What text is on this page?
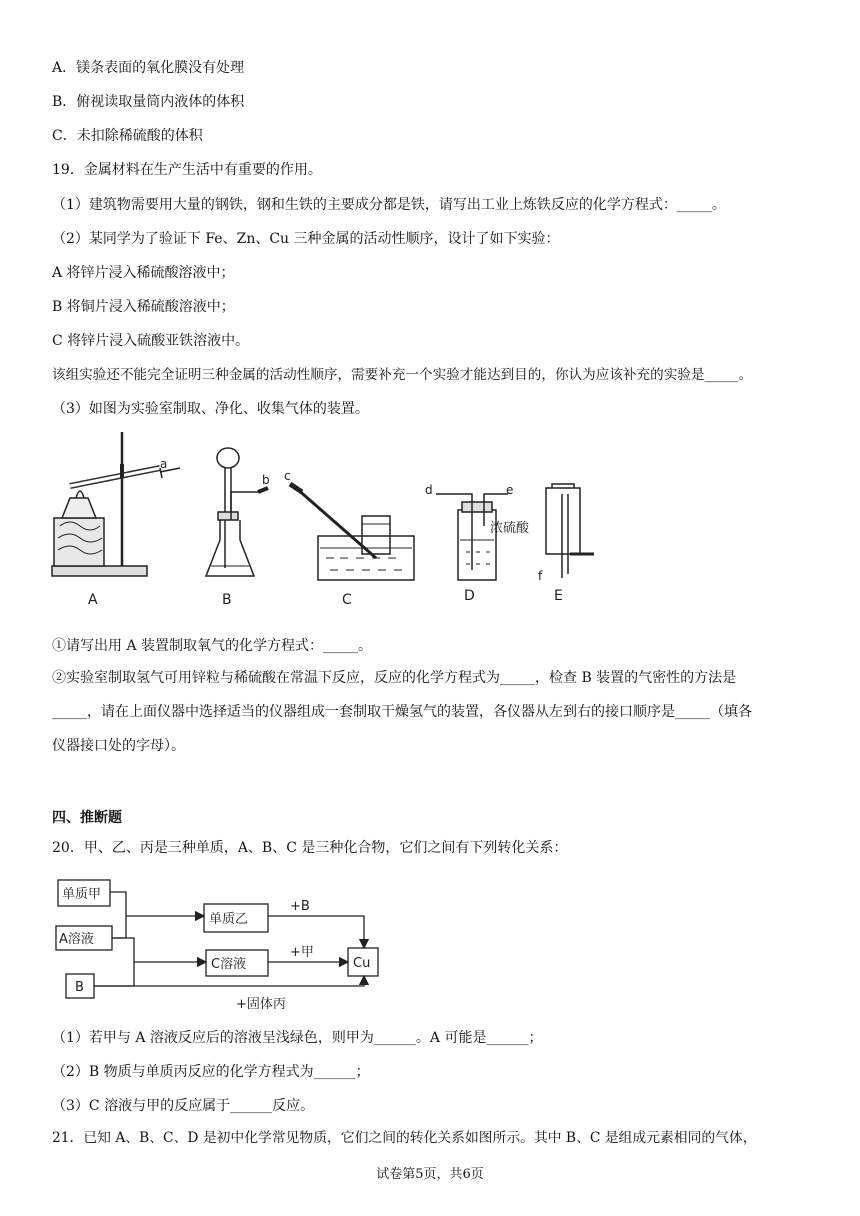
A．镁条表面的氧化膜没有处理
B．俯视读取量筒内液体的体积
C．未扣除稀硫酸的体积
19．金属材料在生产生活中有重要的作用。
（1）建筑物需要用大量的钢铁，钢和生铁的主要成分都是铁，请写出工业上炼铁反应的化学方程式：_____。
（2）某同学为了验证下 Fe、Zn、Cu 三种金属的活动性顺序，设计了如下实验：
A 将锌片浸入稀硫酸溶液中；
B 将铜片浸入稀硫酸溶液中；
C 将锌片浸入硫酸亚铁溶液中。
该组实验还不能完全证明三种金属的活动性顺序，需要补充一个实验才能达到目的，你认为应该补充的实验是_____。
（3）如图为实验室制取、净化、收集气体的装置。
a
b c
d	e
f
浓硫酸
A	B	C	D	E
①请写出用 A 装置制取氧气的化学方程式：_____。
②实验室制取氢气可用锌粒与稀硫酸在常温下反应，反应的化学方程式为_____，检查 B 装置的气密性的方法是
_____，请在上面仪器中选择适当的仪器组成一套制取干燥氢气的装置，各仪器从左到右的接口顺序是_____（填各
仪器接口处的字母）。
四、推断题
20．甲、乙、丙是三种单质，A、B、C 是三种化合物，它们之间有下列转化关系：
单质甲
A溶液
B
单质乙
C溶液	Cu
+B
+甲
+固体丙
（1）若甲与 A 溶液反应后的溶液呈浅绿色，则甲为______。A 可能是______；
（2）B 物质与单质丙反应的化学方程式为______；
（3）C 溶液与甲的反应属于______反应。
21．已知 A、B、C、D 是初中化学常见物质，它们之间的转化关系如图所示。其中 B、C 是组成元素相同的气体，
试卷第5页，共6页
